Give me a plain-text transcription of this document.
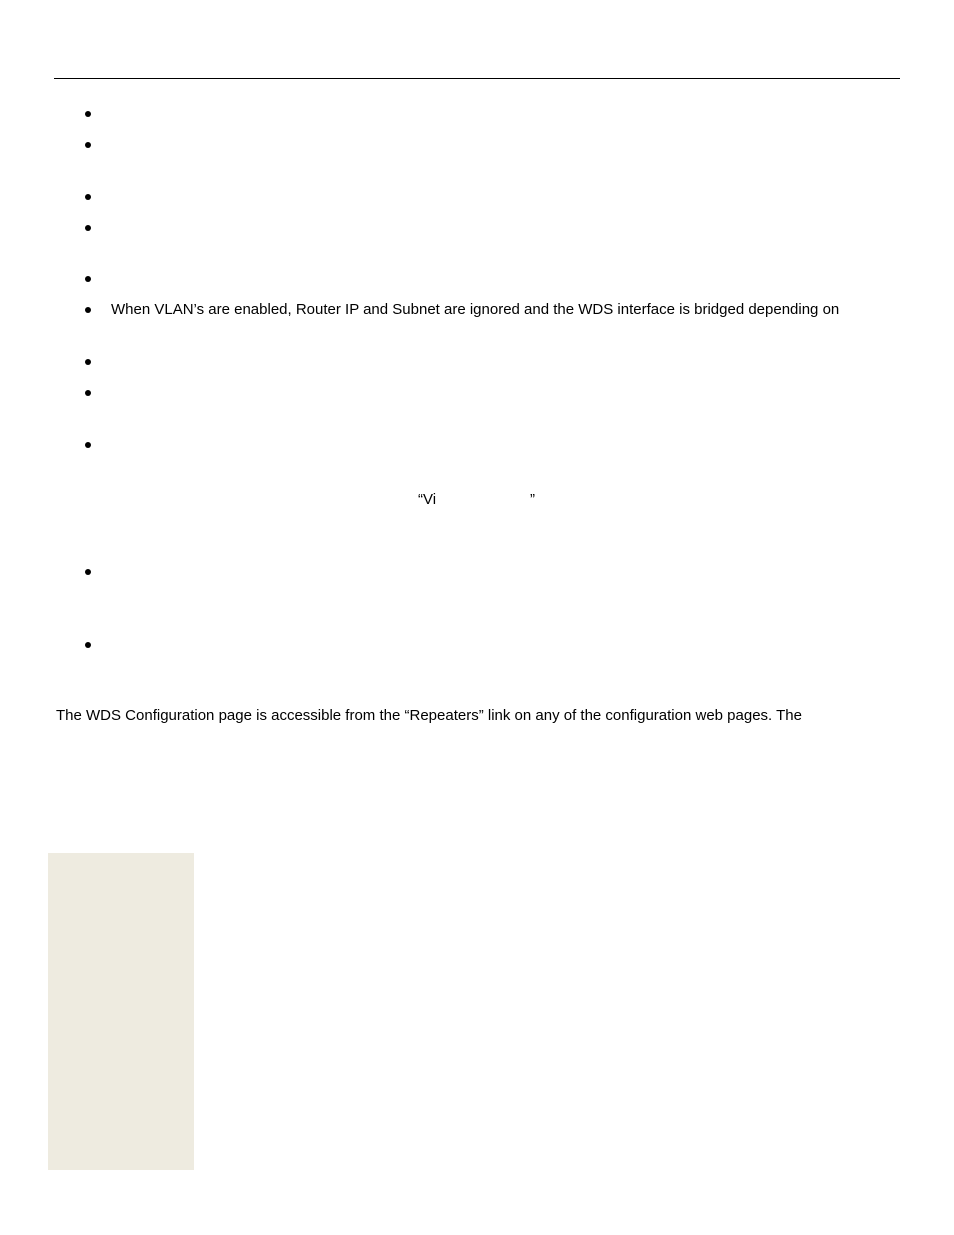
When VLAN’s are enabled, Router IP and Subnet are ignored and the WDS interface is bridged depending on
“Vi	”

The WDS Configuration page is accessible from the “Repeaters” link on any of the configuration web pages. The
